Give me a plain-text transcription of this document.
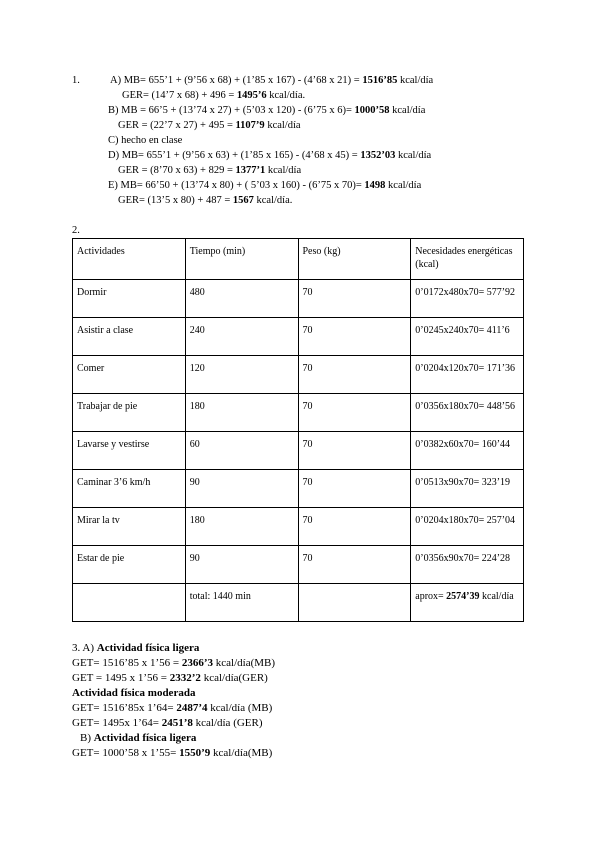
1.	A) MB= 655’1 + (9’56 x 68) + (1’85 x 167) - (4’68 x 21) = 1516’85 kcal/día
GER= (14’7 x 68) + 496 = 1495’6 kcal/día.
B) MB = 66’5 + (13’74 x 27) + (5’03 x 120) - (6’75 x 6)= 1000’58 kcal/día
GER = (22’7 x 27) + 495 = 1107’9 kcal/día
C) hecho en clase
D) MB= 655’1 + (9’56 x 63) + (1’85 x 165) - (4’68 x 45) = 1352’03 kcal/día
GER = (8’70 x 63) + 829 = 1377’1 kcal/día
E) MB= 66’50 + (13’74 x 80) + ( 5’03 x 160) - (6’75 x 70)= 1498 kcal/día
GER= (13’5 x 80) + 487 = 1567 kcal/día.
2.
Actividades	Tiempo (min)	Peso (kg)	Necesidades energéticas (kcal)
Dormir	480	70	0’0172x480x70= 577’92
Asistir a clase	240	70	0’0245x240x70= 411’6
Comer	120	70	0’0204x120x70= 171’36
Trabajar de pie	180	70	0’0356x180x70= 448’56
Lavarse y vestirse	60	70	0’0382x60x70= 160’44
Caminar 3’6 km/h	90	70	0’0513x90x70= 323’19
Mirar la tv	180	70	0’0204x180x70= 257’04
Estar de pie	90	70	0’0356x90x70= 224’28
	total: 1440 min		aprox= 2574’39 kcal/día
3. A) Actividad física ligera
GET= 1516’85 x 1’56 = 2366’3 kcal/día(MB)
GET = 1495 x 1’56 = 2332’2 kcal/día(GER)
Actividad física moderada
GET= 1516’85x 1’64= 2487’4 kcal/día (MB)
GET= 1495x 1’64= 2451’8 kcal/día (GER)
B) Actividad física ligera
GET= 1000’58 x 1’55= 1550’9 kcal/día(MB)
